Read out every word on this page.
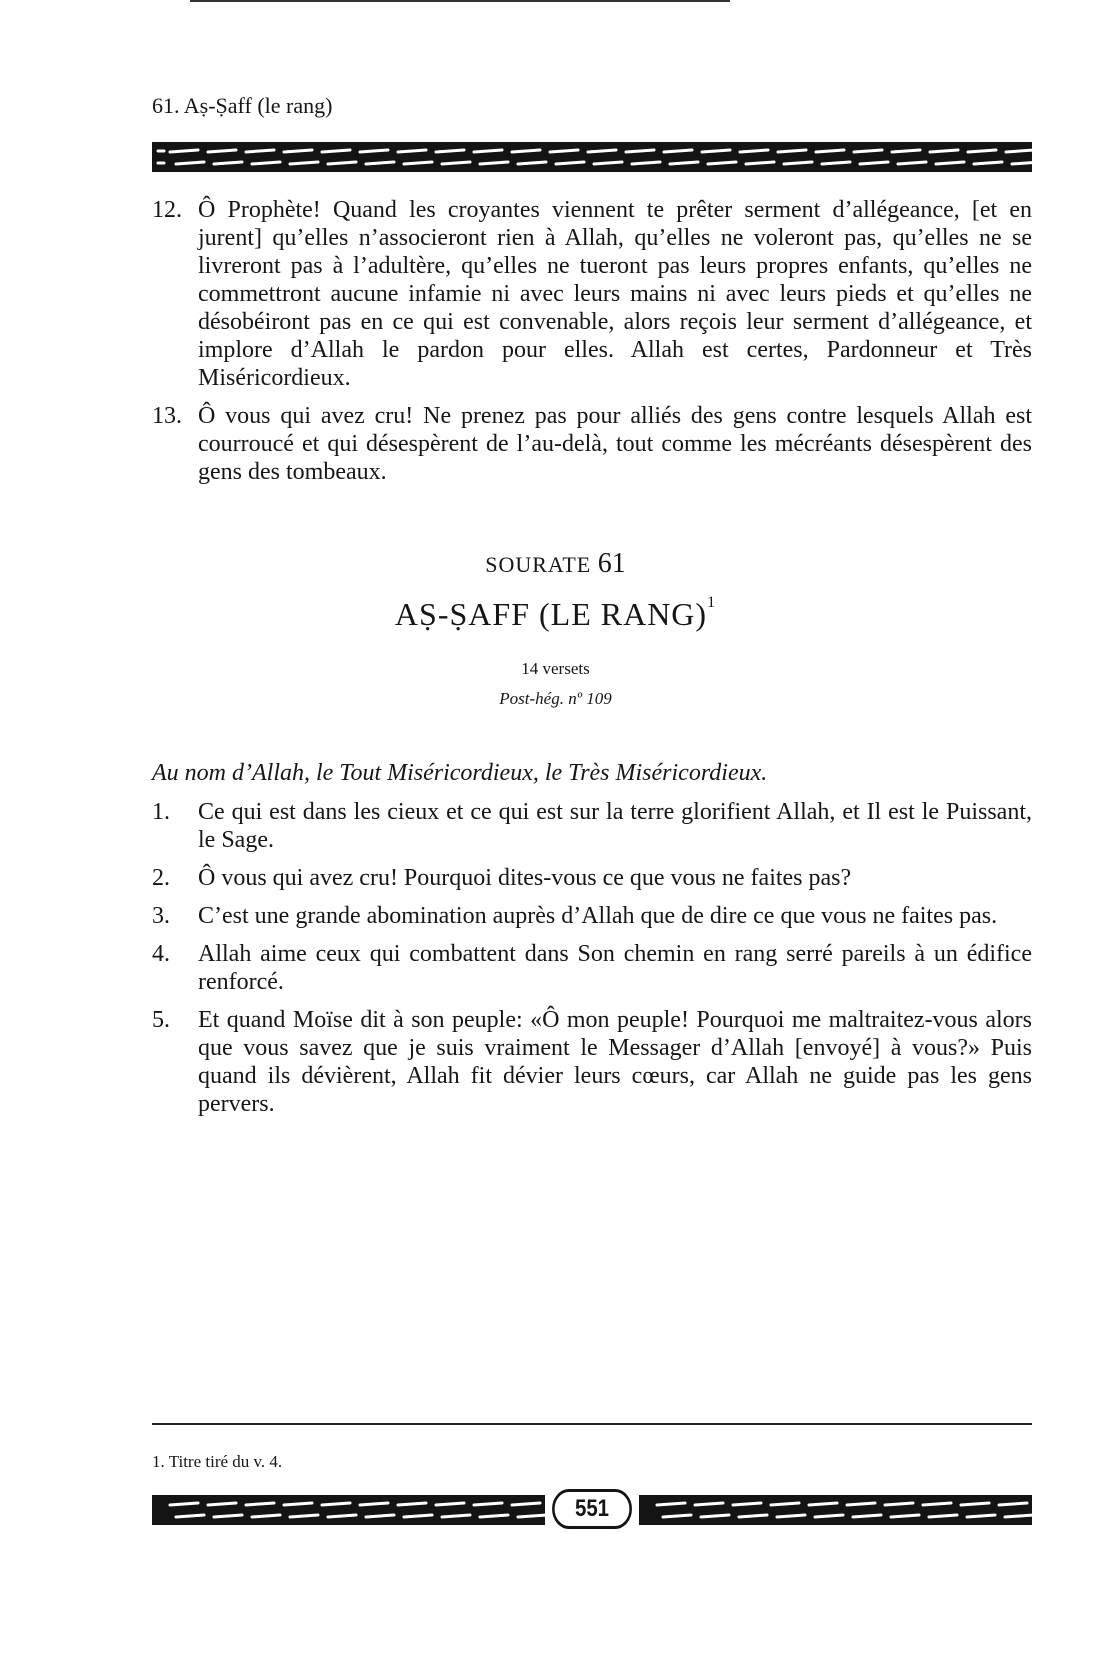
61. Aṣ-Ṣaff (le rang)
12. Ô Prophète! Quand les croyantes viennent te prêter serment d’allégeance, [et en jurent] qu’elles n’associeront rien à Allah, qu’elles ne voleront pas, qu’elles ne se livreront pas à l’adultère, qu’elles ne tueront pas leurs propres enfants, qu’elles ne commettront aucune infamie ni avec leurs mains ni avec leurs pieds et qu’elles ne désobéiront pas en ce qui est convenable, alors reçois leur serment d’allégeance, et implore d’Allah le pardon pour elles. Allah est certes, Pardonneur et Très Miséricordieux.
13. Ô vous qui avez cru! Ne prenez pas pour alliés des gens contre lesquels Allah est courroucé et qui désespèrent de l’au-delà, tout comme les mécréants désespèrent des gens des tombeaux.
SOURATE 61
AṢ-ṢAFF (LE RANG)$^1$
14 versets
Post-hég. nº 109
Au nom d’Allah, le Tout Miséricordieux, le Très Miséricordieux.
1. Ce qui est dans les cieux et ce qui est sur la terre glorifient Allah, et Il est le Puissant, le Sage.
2. Ô vous qui avez cru! Pourquoi dites-vous ce que vous ne faites pas?
3. C’est une grande abomination auprès d’Allah que de dire ce que vous ne faites pas.
4. Allah aime ceux qui combattent dans Son chemin en rang serré pareils à un édifice renforcé.
5. Et quand Moïse dit à son peuple: «Ô mon peuple! Pourquoi me maltraitez-vous alors que vous savez que je suis vraiment le Messager d’Allah [envoyé] à vous?» Puis quand ils dévièrent, Allah fit dévier leurs cœurs, car Allah ne guide pas les gens pervers.
1. Titre tiré du v. 4.
551
